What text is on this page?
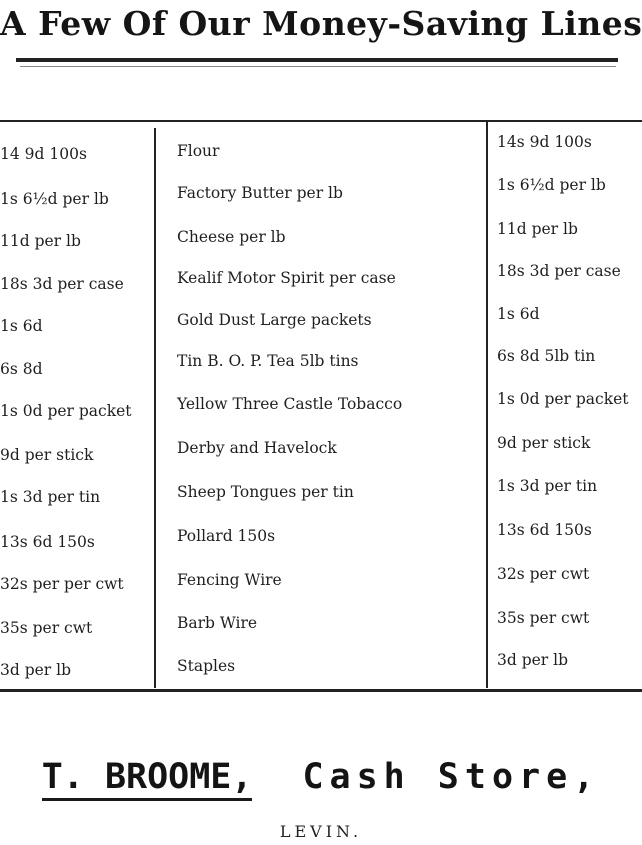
A Few Of Our Money-Saving Lines
14 9d 100s	Flour	14s 9d 100s
1s 6½d per lb	Factory Butter per lb	1s 6½d per lb
11d per lb	Cheese per lb	11d per lb
18s 3d per case	Kealif Motor Spirit per case	18s 3d per case
1s 6d	Gold Dust Large packets	1s 6d
6s 8d	Tin B. O. P. Tea 5lb tins	6s 8d 5lb tin
1s 0d per packet	Yellow Three Castle Tobacco	1s 0d per packet
9d per stick	Derby and Havelock	9d per stick
1s 3d per tin	Sheep Tongues per tin	1s 3d per tin
13s 6d 150s	Pollard 150s	13s 6d 150s
32s per per cwt	Fencing Wire	32s per cwt
35s per cwt	Barb Wire	35s per cwt
3d per lb	Staples	3d per lb
T. BROOME, Cash Store,
LEVIN.
